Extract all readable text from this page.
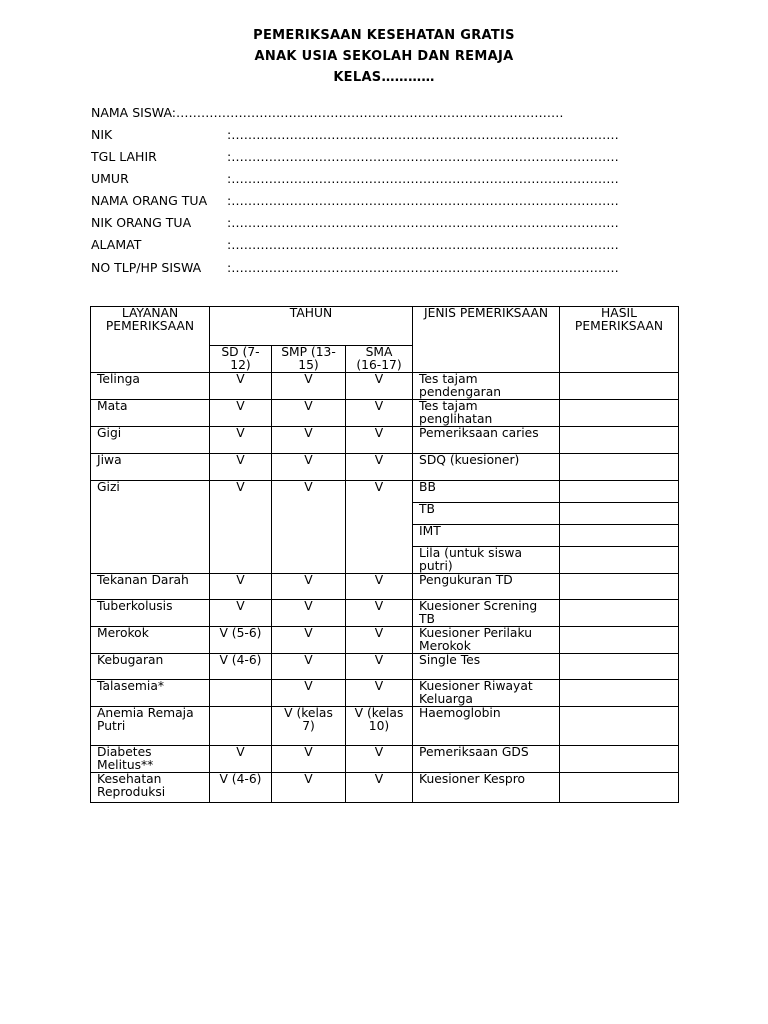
PEMERIKSAAN KESEHATAN GRATIS
ANAK USIA SEKOLAH DAN REMAJA
KELAS…………
NAMA SISWA:…………………………………………………………………………………
NIK	:…………………………………………………………………………………
TGL LAHIR	:…………………………………………………………………………………
UMUR	:…………………………………………………………………………………
NAMA ORANG TUA :…………………………………………………………………………………
NIK ORANG TUA	:…………………………………………………………………………………
ALAMAT	:…………………………………………………………………………………
NO TLP/HP SISWA :…………………………………………………………………………………
LAYANAN PEMERIKSAAN	TAHUN			JENIS PEMERIKSAAN	HASIL PEMERIKSAAN
	SD (7-12)	SMP (13-15)	SMA (16-17)		
Telinga	V	V	V	Tes tajam pendengaran	
Mata	V	V	V	Tes tajam penglihatan	
Gigi	V	V	V	Pemeriksaan caries	
Jiwa	V	V	V	SDQ (kuesioner)	
Gizi	V	V	V	BB	
				TB	
				IMT	
				Lila (untuk siswa putri)	
Tekanan Darah	V	V	V	Pengukuran TD	
Tuberkolusis	V	V	V	Kuesioner Screning TB	
Merokok	V (5-6)	V	V	Kuesioner Perilaku Merokok	
Kebugaran	V (4-6)	V	V	Single Tes	
Talasemia*		V	V	Kuesioner Riwayat Keluarga	
Anemia Remaja Putri		V (kelas 7)	V (kelas 10)	Haemoglobin	
Diabetes Melitus**	V	V	V	Pemeriksaan GDS	
Kesehatan Reproduksi	V (4-6)	V	V	Kuesioner Kespro	
